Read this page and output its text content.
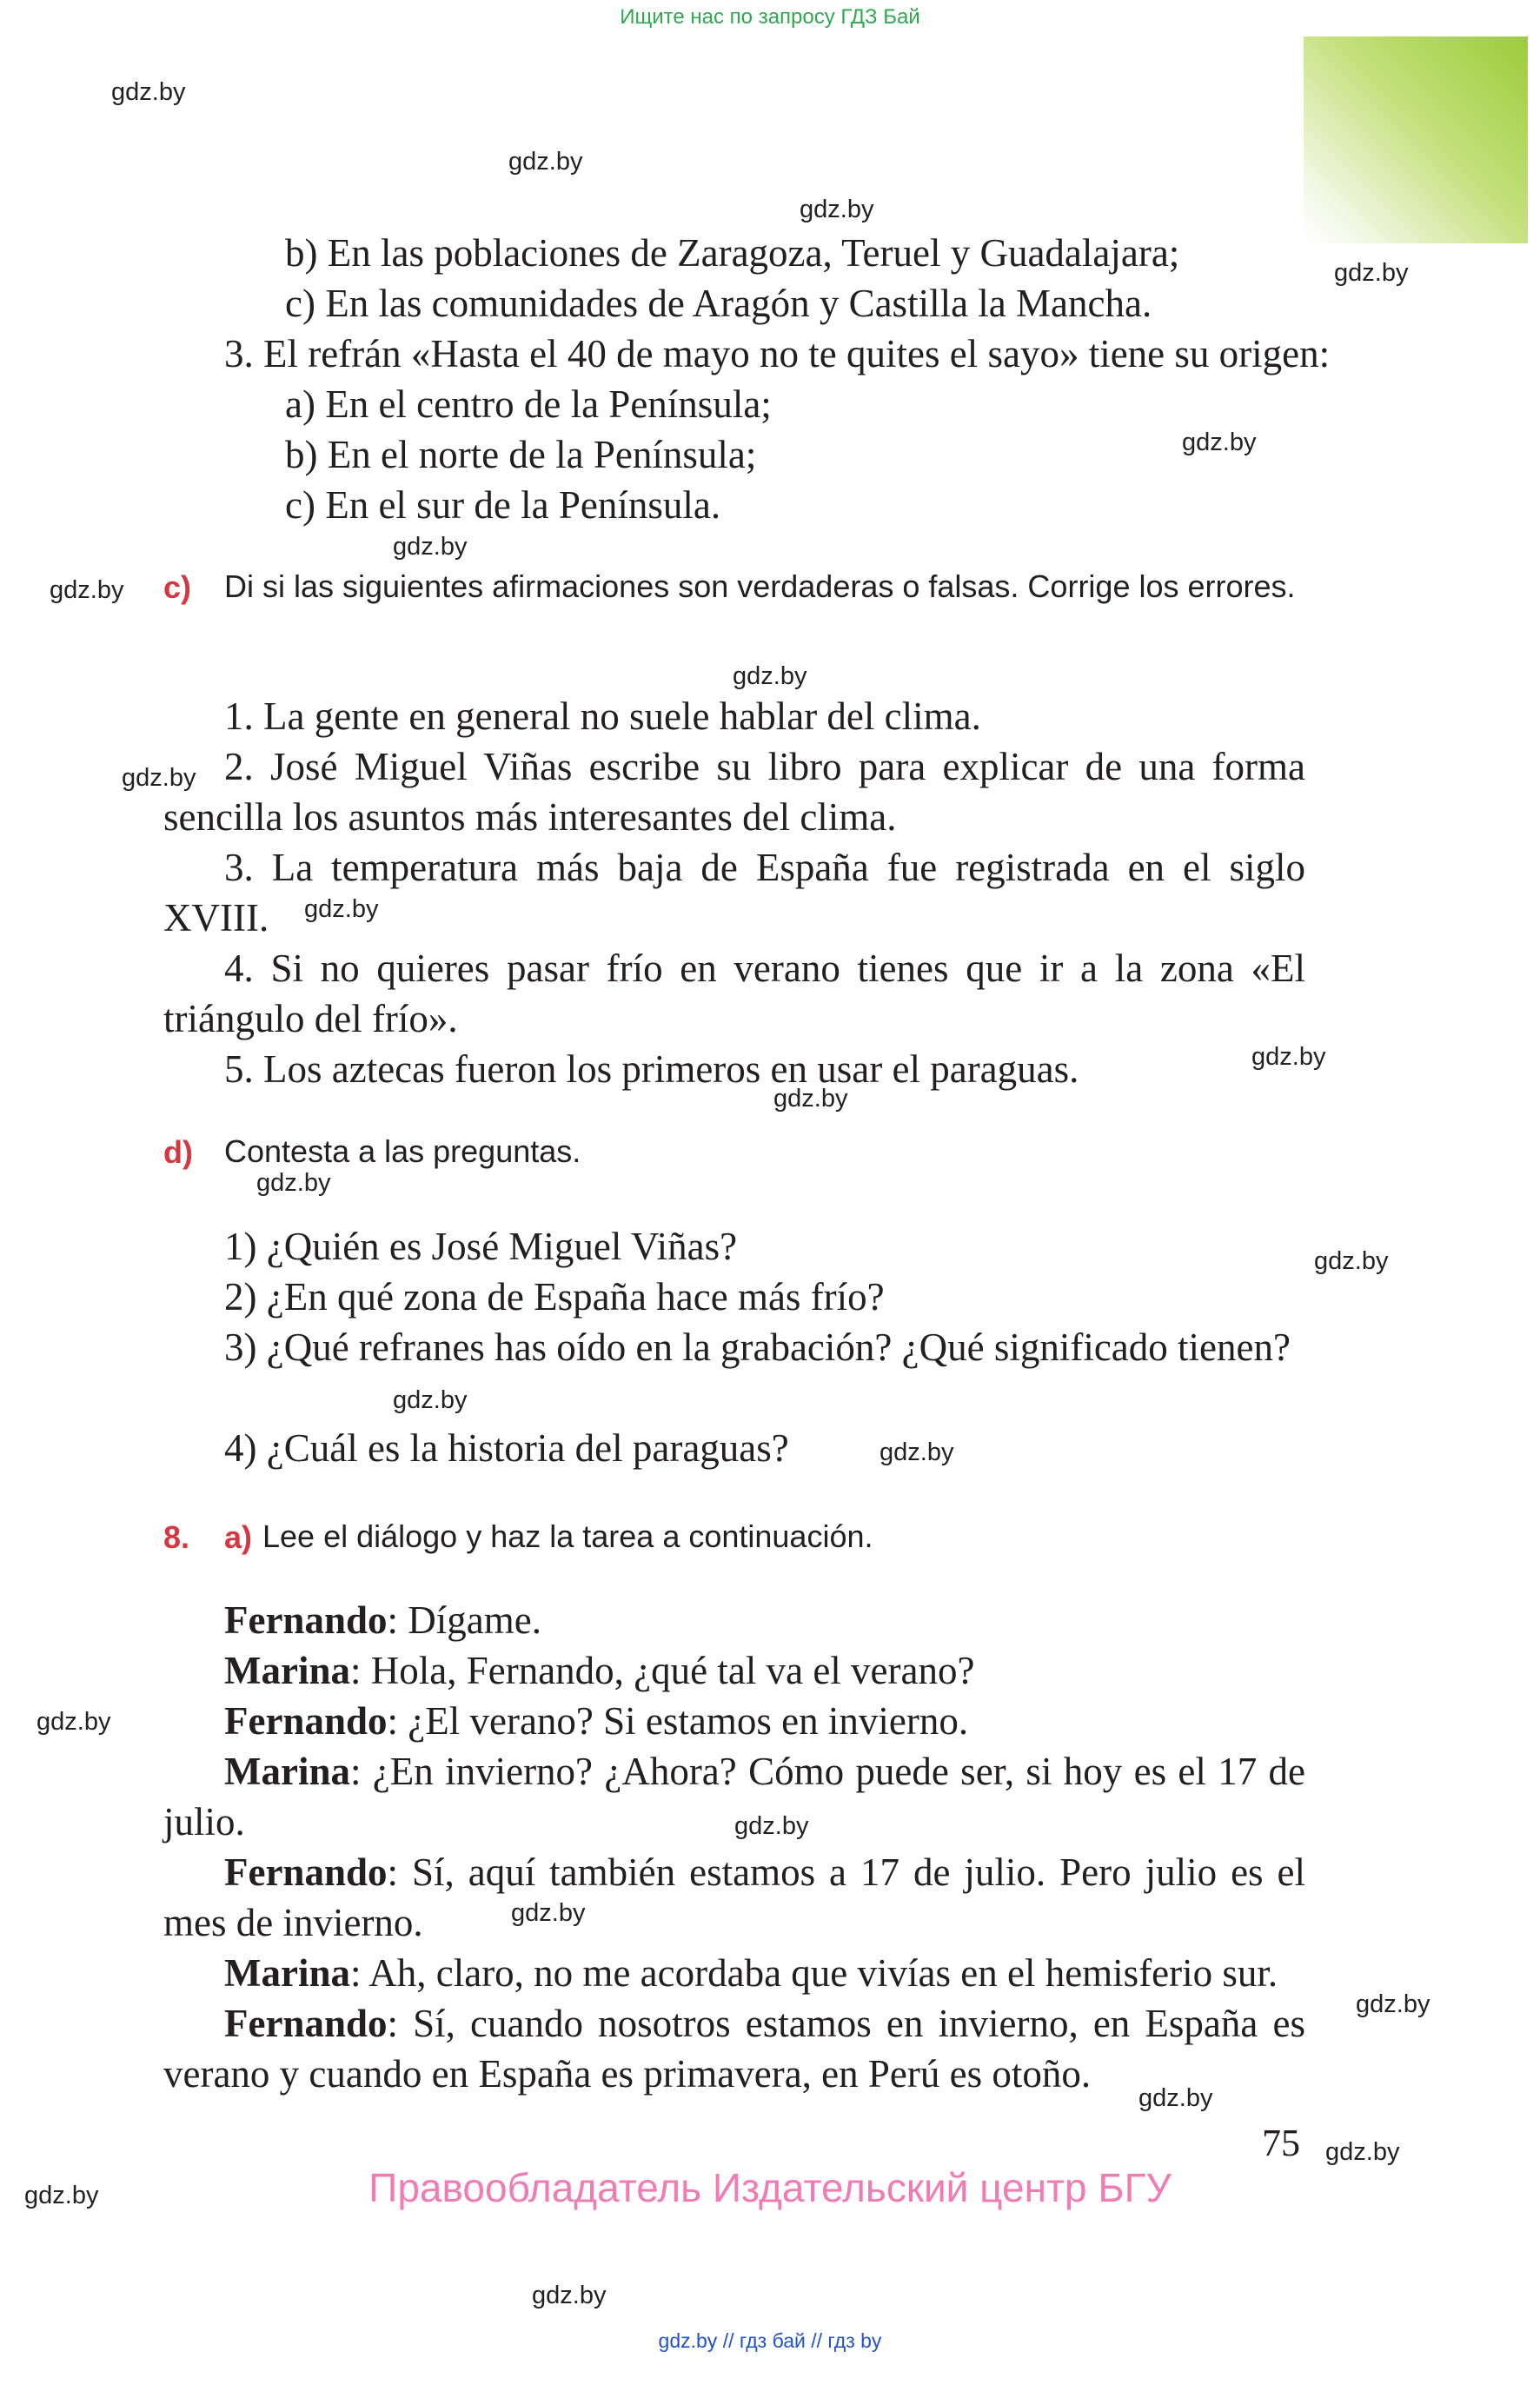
Ищите нас по запросу ГДЗ Бай
gdz.by
gdz.by
gdz.by
gdz.by
gdz.by
gdz.by
gdz.by
gdz.by
gdz.by
gdz.by
gdz.by
gdz.by
gdz.by
gdz.by
gdz.by
gdz.by
gdz.by
gdz.by
gdz.by
gdz.by
gdz.by
gdz.by
gdz.by
gdz.by
b) En las poblaciones de Zaragoza, Teruel y Guadalajara;
c) En las comunidades de Aragón y Castilla la Mancha.
3. El refrán «Hasta el 40 de mayo no te quites el sayo» tiene su origen:
a) En el centro de la Península;
b) En el norte de la Península;
c) En el sur de la Península.
c) Di si las siguientes afirmaciones son verdaderas o falsas. Corrige los errores.
1. La gente en general no suele hablar del clima.
2. José Miguel Viñas escribe su libro para explicar de una forma sencilla los asuntos más interesantes del clima.
3. La temperatura más baja de España fue registrada en el siglo XVIII.
4. Si no quieres pasar frío en verano tienes que ir a la zona «El triángulo del frío».
5. Los aztecas fueron los primeros en usar el paraguas.
d) Contesta a las preguntas.
1) ¿Quién es José Miguel Viñas?
2) ¿En qué zona de España hace más frío?
3) ¿Qué refranes has oído en la grabación? ¿Qué significado tienen?
4) ¿Cuál es la historia del paraguas?
8. a) Lee el diálogo y haz la tarea a continuación.
Fernando: Dígame.
Marina: Hola, Fernando, ¿qué tal va el verano?
Fernando: ¿El verano? Si estamos en invierno.
Marina: ¿En invierno? ¿Ahora? Cómo puede ser, si hoy es el 17 de julio.
Fernando: Sí, aquí también estamos a 17 de julio. Pero julio es el mes de invierno.
Marina: Ah, claro, no me acordaba que vivías en el hemisferio sur.
Fernando: Sí, cuando nosotros estamos en invierno, en España es verano y cuando en España es primavera, en Perú es otoño.
75
Правообладатель Издательский центр БГУ
gdz.by // гдз бай // гдз by
